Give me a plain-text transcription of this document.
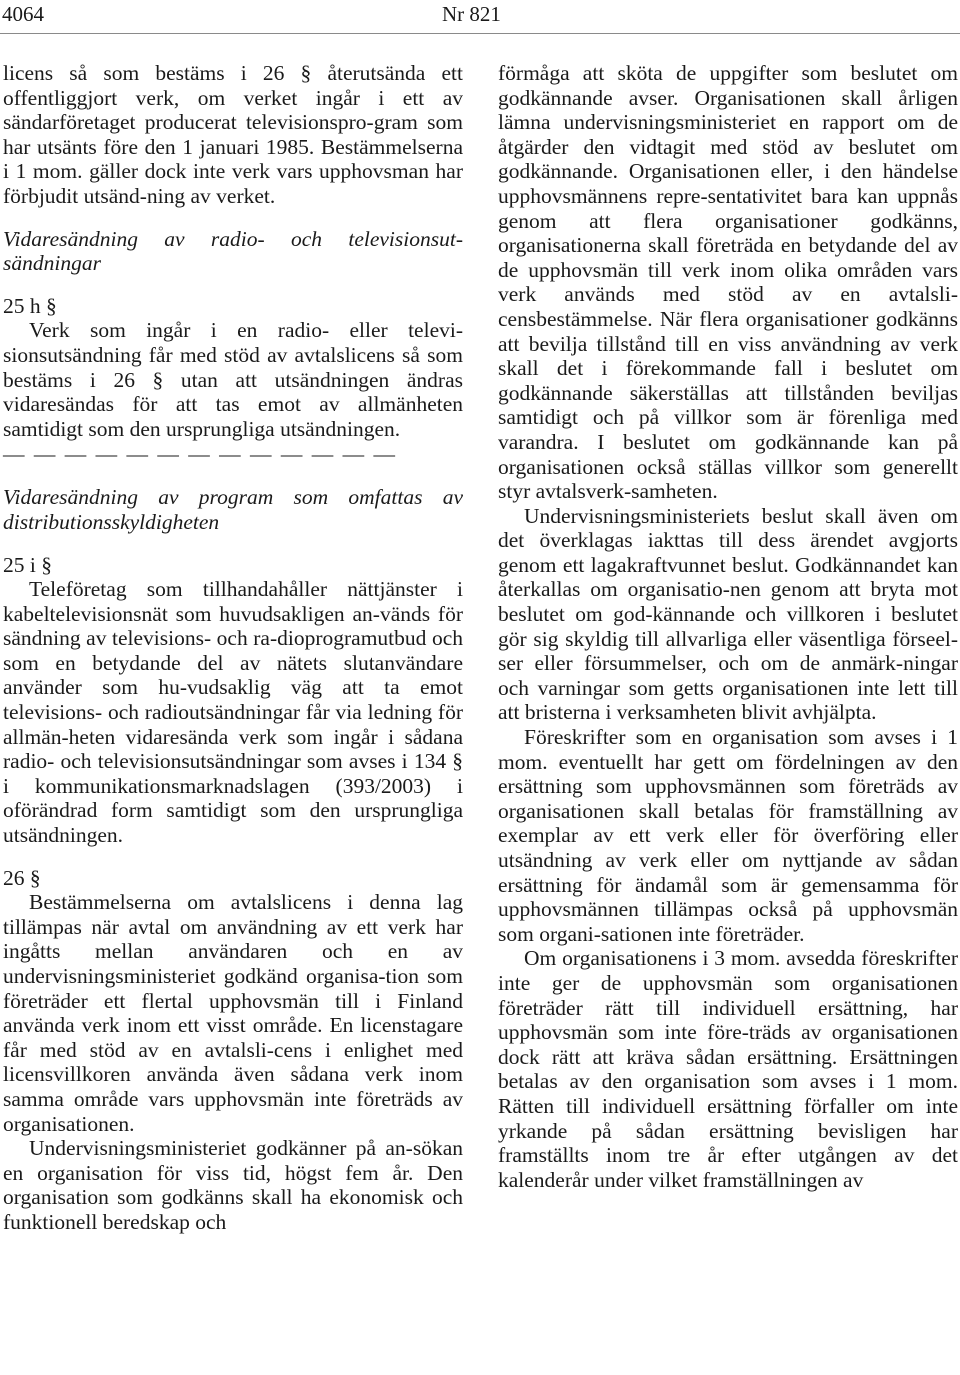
4064	Nr 821

licens så som bestäms i 26 § återutsända ett offentliggjort verk, om verket ingår i ett av sändarföretaget producerat televisionspro-gram som har utsänts före den 1 januari 1985. Bestämmelserna i 1 mom. gäller dock inte verk vars upphovsman har förbjudit utsänd-ning av verket.

Vidaresändning av radio- och televisionsut-sändningar

25 h §

Verk som ingår i en radio- eller televi-sionsutsändning får med stöd av avtalslicens så som bestäms i 26 § utan att utsändningen ändras vidaresändas för att tas emot av allmänheten samtidigt som den ursprungliga utsändningen.

— — — — — — — — — — — — —

Vidaresändning av program som omfattas av distributionsskyldigheten

25 i §

Teleföretag som tillhandahåller nättjänster i kabeltelevisionsnät som huvudsakligen an-vänds för sändning av televisions- och ra-dioprogramutbud och som en betydande del av nätets slutanvändare använder som hu-vudsaklig väg att ta emot televisions- och radioutsändningar får via ledning för allmän-heten vidaresända verk som ingår i sådana radio- och televisionsutsändningar som avses i 134 § i kommunikationsmarknadslagen (393/2003) i oförändrad form samtidigt som den ursprungliga utsändningen.

26 §

Bestämmelserna om avtalslicens i denna lag tillämpas när avtal om användning av ett verk har ingåtts mellan användaren och en av undervisningsministeriet godkänd organisa-tion som företräder ett flertal upphovsmän till i Finland använda verk inom ett visst område. En licenstagare får med stöd av en avtalsli-cens i enlighet med licensvillkoren använda även sådana verk inom samma område vars upphovsmän inte företräds av organisationen.

Undervisningsministeriet godkänner på an-sökan en organisation för viss tid, högst fem år. Den organisation som godkänns skall ha ekonomisk och funktionell beredskap och

förmåga att sköta de uppgifter som beslutet om godkännande avser. Organisationen skall årligen lämna undervisningsministeriet en rapport om de åtgärder den vidtagit med stöd av beslutet om godkännande. Organisationen eller, i den händelse upphovsmännens repre-sentativitet bara kan uppnås genom att flera organisationer godkänns, organisationerna skall företräda en betydande del av de upphovsmän till verk inom olika områden vars verk används med stöd av en avtalsli-censbestämmelse. När flera organisationer godkänns att bevilja tillstånd till en viss användning av verk skall det i förekommande fall i beslutet om godkännande säkerställas att tillstånden beviljas samtidigt och på villkor som är förenliga med varandra. I beslutet om godkännande kan på organisationen också ställas villkor som generellt styr avtalsverk-samheten.

Undervisningsministeriets beslut skall även om det överklagas iakttas till dess ärendet avgjorts genom ett lagakraftvunnet beslut. Godkännandet kan återkallas om organisatio-nen genom att bryta mot beslutet om god-kännande och villkoren i beslutet gör sig skyldig till allvarliga eller väsentliga förseel-ser eller försummelser, och om de anmärk-ningar och varningar som getts organisationen inte lett till att bristerna i verksamheten blivit avhjälpta.

Föreskrifter som en organisation som avses i 1 mom. eventuellt har gett om fördelningen av den ersättning som upphovsmännen som företräds av organisationen skall betalas för framställning av exemplar av ett verk eller för överföring eller utsändning av verk eller om nyttjande av sådan ersättning för ändamål som är gemensamma för upphovsmännen tillämpas också på upphovsmän som organi-sationen inte företräder.

Om organisationens i 3 mom. avsedda föreskrifter inte ger de upphovsmän som organisationen företräder rätt till individuell ersättning, har upphovsmän som inte före-träds av organisationen dock rätt att kräva sådan ersättning. Ersättningen betalas av den organisation som avses i 1 mom. Rätten till individuell ersättning förfaller om inte yrkande på sådan ersättning bevisligen har framställts inom tre år efter utgången av det kalenderår under vilket framställningen av
